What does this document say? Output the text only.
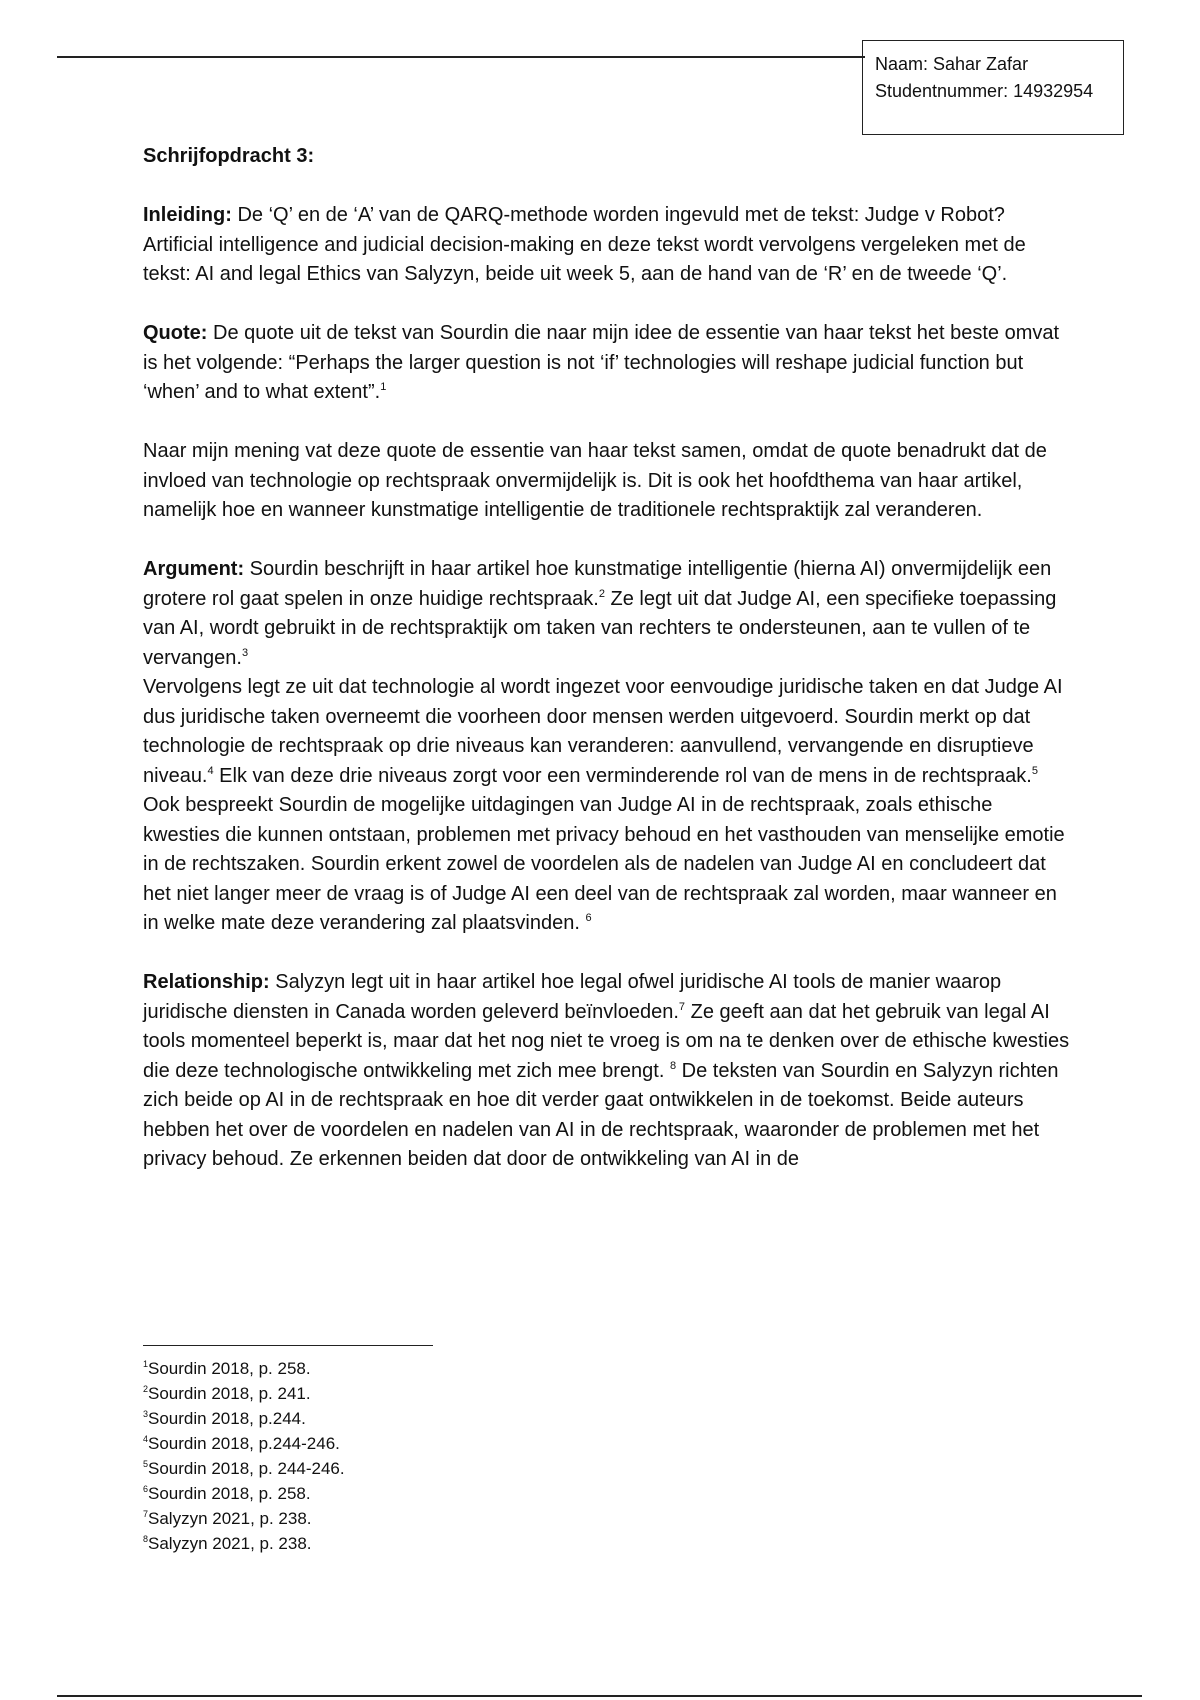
Naam: Sahar Zafar
Studentnummer: 14932954
Schrijfopdracht 3:

Inleiding: De ‘Q’ en de ‘A’ van de QARQ-methode worden ingevuld met de tekst: Judge v Robot? Artificial intelligence and judicial decision-making en deze tekst wordt vervolgens vergeleken met de tekst: AI and legal Ethics van Salyzyn, beide uit week 5, aan de hand van de ‘R’ en de tweede ‘Q’.

Quote: De quote uit de tekst van Sourdin die naar mijn idee de essentie van haar tekst het beste omvat is het volgende: “Perhaps the larger question is not ‘if’ technologies will reshape judicial function but ‘when’ and to what extent”.$^1$

Naar mijn mening vat deze quote de essentie van haar tekst samen, omdat de quote benadrukt dat de invloed van technologie op rechtspraak onvermijdelijk is. Dit is ook het hoofdthema van haar artikel, namelijk hoe en wanneer kunstmatige intelligentie de traditionele rechtspraktijk zal veranderen.

Argument: Sourdin beschrijft in haar artikel hoe kunstmatige intelligentie (hierna AI) onvermijdelijk een grotere rol gaat spelen in onze huidige rechtspraak.$^2$ Ze legt uit dat Judge AI, een specifieke toepassing van AI, wordt gebruikt in de rechtspraktijk om taken van rechters te ondersteunen, aan te vullen of te vervangen.$^3$

Vervolgens legt ze uit dat technologie al wordt ingezet voor eenvoudige juridische taken en dat Judge AI dus juridische taken overneemt die voorheen door mensen werden uitgevoerd. Sourdin merkt op dat technologie de rechtspraak op drie niveaus kan veranderen: aanvullend, vervangende en disruptieve niveau.$^4$ Elk van deze drie niveaus zorgt voor een verminderende rol van de mens in de rechtspraak.$^5$ Ook bespreekt Sourdin de mogelijke uitdagingen van Judge AI in de rechtspraak, zoals ethische kwesties die kunnen ontstaan, problemen met privacy behoud en het vasthouden van menselijke emotie in de rechtszaken. Sourdin erkent zowel de voordelen als de nadelen van Judge AI en concludeert dat het niet langer meer de vraag is of Judge AI een deel van de rechtspraak zal worden, maar wanneer en in welke mate deze verandering zal plaatsvinden. $^6$

Relationship: Salyzyn legt uit in haar artikel hoe legal ofwel juridische AI tools de manier waarop juridische diensten in Canada worden geleverd beïnvloeden.$^7$ Ze geeft aan dat het gebruik van legal AI tools momenteel beperkt is, maar dat het nog niet te vroeg is om na te denken over de ethische kwesties die deze technologische ontwikkeling met zich mee brengt. $^8$ De teksten van Sourdin en Salyzyn richten zich beide op AI in de rechtspraak en hoe dit verder gaat ontwikkelen in de toekomst. Beide auteurs hebben het over de voordelen en nadelen van AI in de rechtspraak, waaronder de problemen met het privacy behoud. Ze erkennen beiden dat door de ontwikkeling van AI in de

$^1$Sourdin 2018, p. 258.
$^2$Sourdin 2018, p. 241.
$^3$Sourdin 2018, p.244.
$^4$Sourdin 2018, p.244-246.
$^5$Sourdin 2018, p. 244-246.
$^6$Sourdin 2018, p. 258.
$^7$Salyzyn 2021, p. 238.
$^8$Salyzyn 2021, p. 238.
